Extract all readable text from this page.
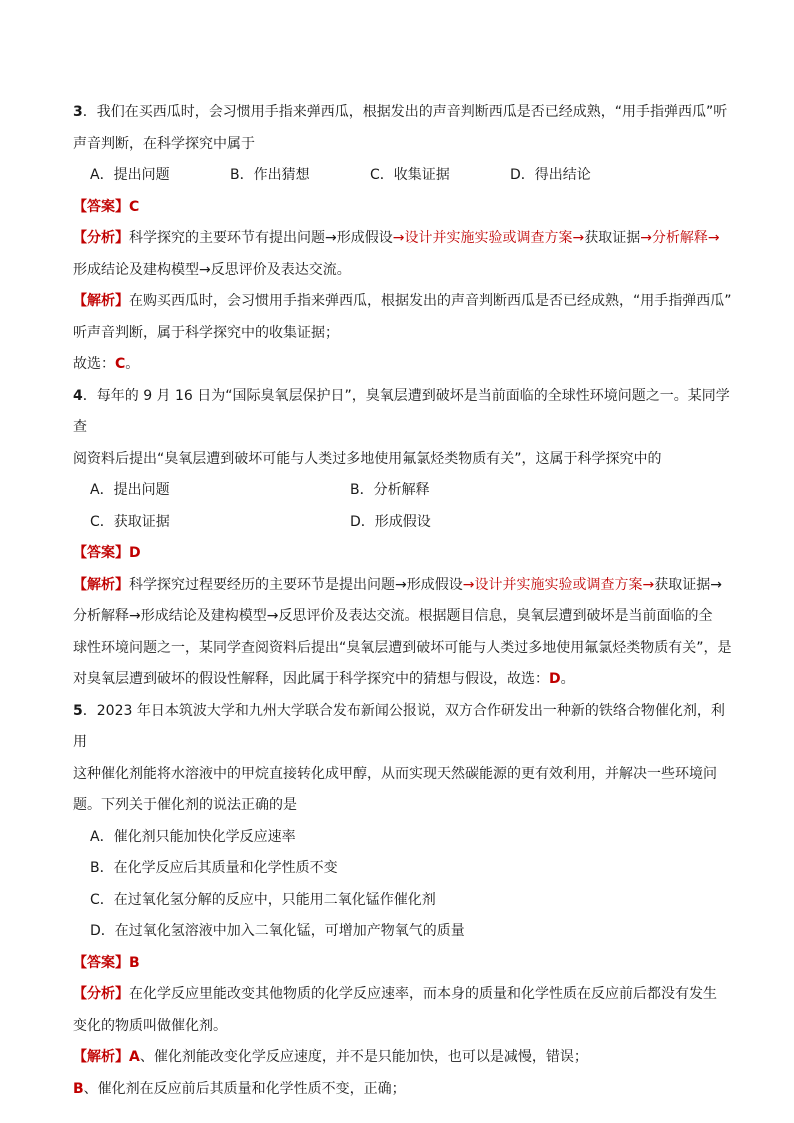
3．我们在买西瓜时，会习惯用手指来弹西瓜，根据发出的声音判断西瓜是否已经成熟，“用手指弹西瓜”听

声音判断，在科学探究中属于

A．提出问题	B．作出猜想	C．收集证据	D．得出结论

【答案】C

【分析】科学探究的主要环节有提出问题→形成假设→设计并实施实验或调查方案→获取证据→分析解释→

形成结论及建构模型→反思评价及表达交流。

【解析】在购买西瓜时，会习惯用手指来弹西瓜，根据发出的声音判断西瓜是否已经成熟，“用手指弹西瓜”

听声音判断，属于科学探究中的收集证据；

故选：C。

4．每年的 9 月 16 日为“国际臭氧层保护日”，臭氧层遭到破坏是当前面临的全球性环境问题之一。某同学查

阅资料后提出“臭氧层遭到破坏可能与人类过多地使用氟氯烃类物质有关”，这属于科学探究中的

A．提出问题	B．分析解释
C．获取证据	D．形成假设

【答案】D

【解析】科学探究过程要经历的主要环节是提出问题→形成假设→设计并实施实验或调查方案→获取证据→

分析解释→形成结论及建构模型→反思评价及表达交流。根据题目信息，臭氧层遭到破坏是当前面临的全

球性环境问题之一，某同学查阅资料后提出“臭氧层遭到破坏可能与人类过多地使用氟氯烃类物质有关”，是

对臭氧层遭到破坏的假设性解释，因此属于科学探究中的猜想与假设，故选：D。

5．2023 年日本筑波大学和九州大学联合发布新闻公报说，双方合作研发出一种新的铁络合物催化剂，利用

这种催化剂能将水溶液中的甲烷直接转化成甲醇，从而实现天然碳能源的更有效利用，并解决一些环境问

题。下列关于催化剂的说法正确的是

A．催化剂只能加快化学反应速率

B．在化学反应后其质量和化学性质不变

C．在过氧化氢分解的反应中，只能用二氧化锰作催化剂

D．在过氧化氢溶液中加入二氧化锰，可增加产物氧气的质量

【答案】B

【分析】在化学反应里能改变其他物质的化学反应速率，而本身的质量和化学性质在反应前后都没有发生

变化的物质叫做催化剂。

【解析】A、催化剂能改变化学反应速度，并不是只能加快，也可以是减慢，错误；

B、催化剂在反应前后其质量和化学性质不变，正确；
